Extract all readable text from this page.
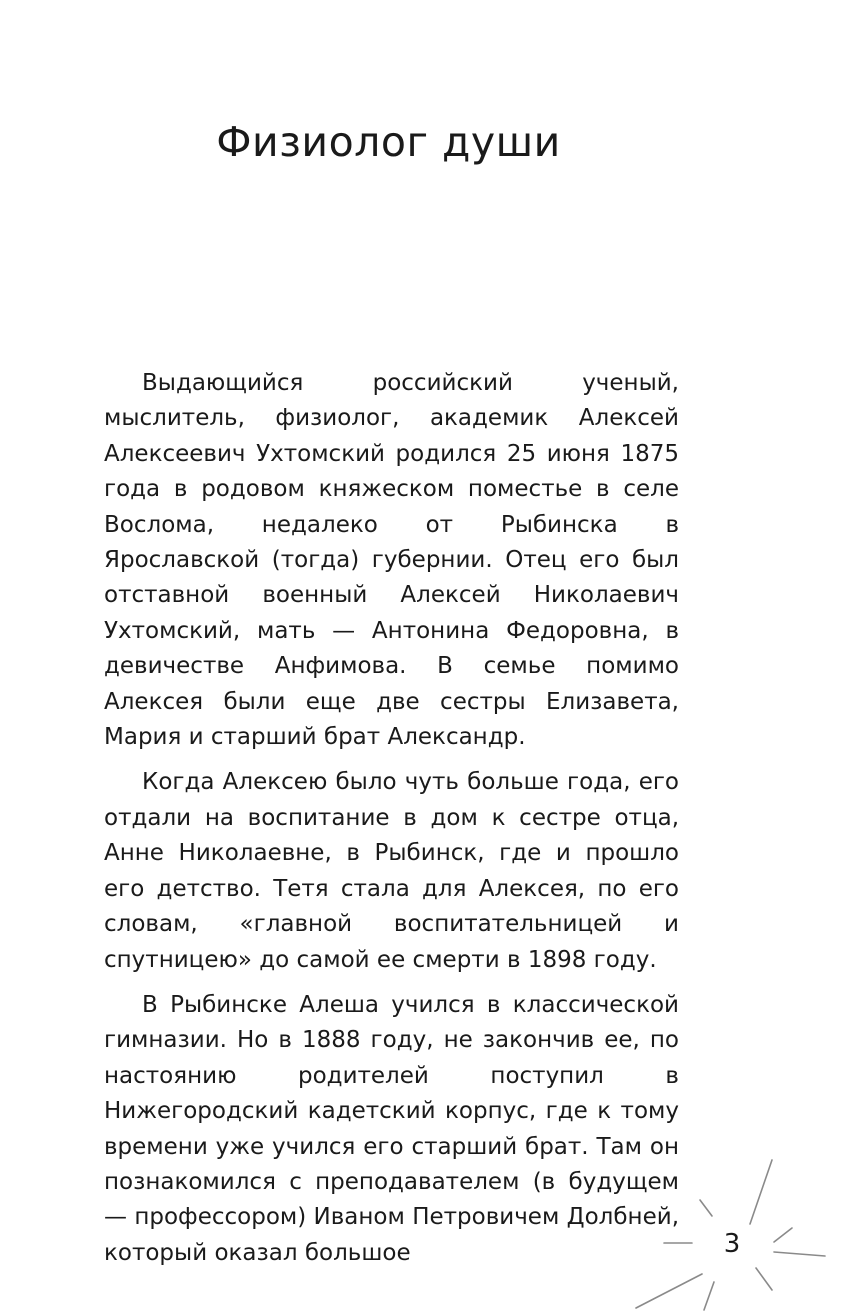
Физиолог души

Выдающийся российский ученый, мыслитель, физиолог, академик Алексей Алексеевич Ухтомский родился 25 июня 1875 года в родовом княжеском поместье в селе Вослома, недалеко от Рыбинска в Ярославской (тогда) губернии. Отец его был отставной военный Алексей Николаевич Ухтомский, мать — Антонина Федоровна, в девичестве Анфимова. В семье помимо Алексея были еще две сестры Елизавета, Мария и старший брат Александр.

Когда Алексею было чуть больше года, его отдали на воспитание в дом к сестре отца, Анне Николаевне, в Рыбинск, где и прошло его детство. Тетя стала для Алексея, по его словам, «главной воспитательницей и спутницею» до самой ее смерти в 1898 году.

В Рыбинске Алеша учился в классической гимназии. Но в 1888 году, не закончив ее, по настоянию родителей поступил в Нижегородский кадетский корпус, где к тому времени уже учился его старший брат. Там он познакомился с преподавателем (в будущем — профессором) Иваном Петровичем Долбней, который оказал большое	3
